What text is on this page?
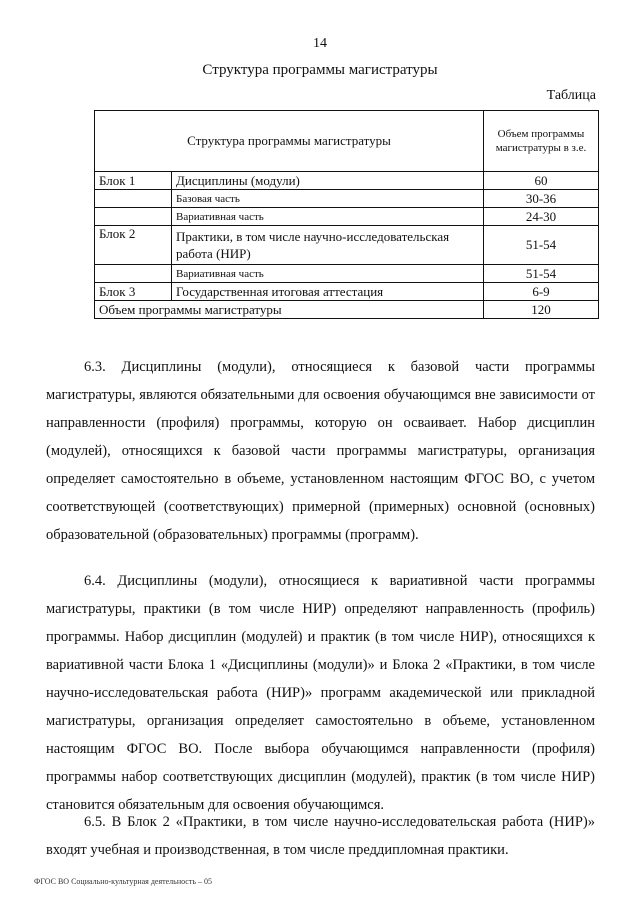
14
Структура программы магистратуры
Таблица
Структура программы магистратуры		Объем программы магистратуры в з.е.
Блок 1	Дисциплины (модули)	60
	Базовая часть	30-36
	Вариативная часть	24-30
Блок 2	Практики, в том числе научно-исследовательская работа (НИР)	51-54
	Вариативная часть	51-54
Блок 3	Государственная итоговая аттестация	6-9
Объем программы магистратуры		120

6.3. Дисциплины (модули), относящиеся к базовой части программы магистратуры, являются обязательными для освоения обучающимся вне зависимости от направленности (профиля) программы, которую он осваивает. Набор дисциплин (модулей), относящихся к базовой части программы магистратуры, организация определяет самостоятельно в объеме, установленном настоящим ФГОС ВО, с учетом соответствующей (соответствующих) примерной (примерных) основной (основных) образовательной (образовательных) программы (программ).

6.4. Дисциплины (модули), относящиеся к вариативной части программы магистратуры, практики (в том числе НИР) определяют направленность (профиль) программы. Набор дисциплин (модулей) и практик (в том числе НИР), относящихся к вариативной части Блока 1 «Дисциплины (модули)» и Блока 2 «Практики, в том числе научно-исследовательская работа (НИР)» программ академической или прикладной магистратуры, организация определяет самостоятельно в объеме, установленном настоящим ФГОС ВО. После выбора обучающимся направленности (профиля) программы набор соответствующих дисциплин (модулей), практик (в том числе НИР) становится обязательным для освоения обучающимся.

6.5. В Блок 2 «Практики, в том числе научно-исследовательская работа (НИР)» входят учебная и производственная, в том числе преддипломная практики.

ФГОС ВО Социально-культурная деятельность – 05
